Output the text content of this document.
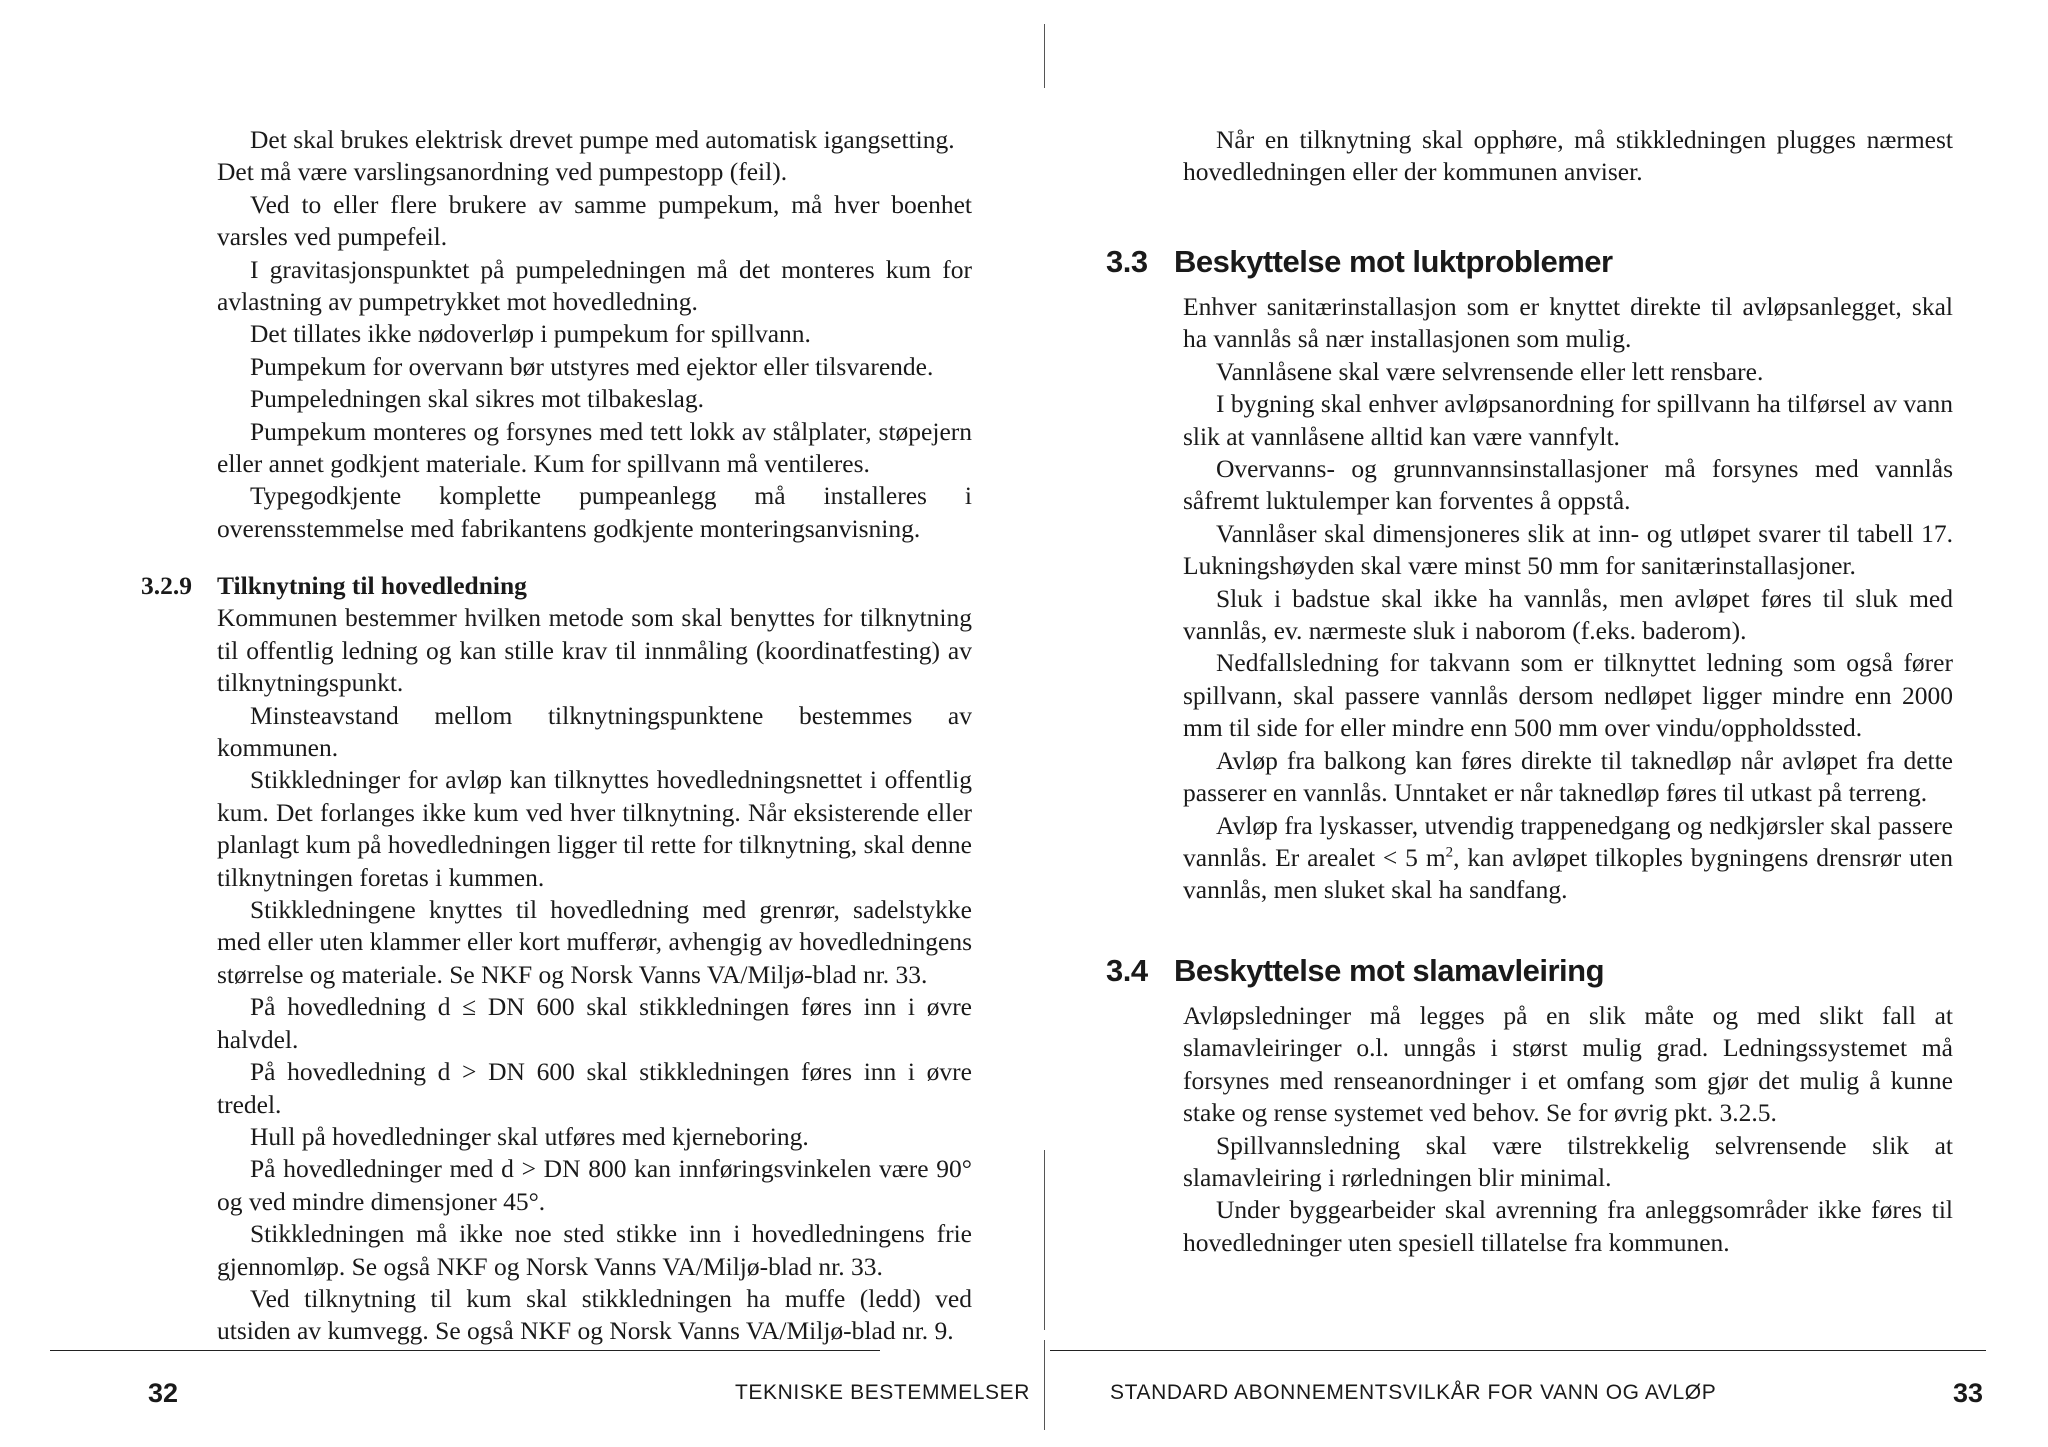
Det skal brukes elektrisk drevet pumpe med automatisk igangsetting.

Det må være varslingsanordning ved pumpestopp (feil).

Ved to eller flere brukere av samme pumpekum, må hver boenhet varsles ved pumpefeil.

I gravitasjonspunktet på pumpeledningen må det monteres kum for avlastning av pumpetrykket mot hovedledning.

Det tillates ikke nødoverløp i pumpekum for spillvann.

Pumpekum for overvann bør utstyres med ejektor eller tilsvarende.

Pumpeledningen skal sikres mot tilbakeslag.

Pumpekum monteres og forsynes med tett lokk av stålplater, støpejern eller annet godkjent materiale. Kum for spillvann må ventileres.

Typegodkjente komplette pumpeanlegg må installeres i overensstemmelse med fabrikantens godkjente monteringsanvisning.

3.2.9 Tilknytning til hovedledning

Kommunen bestemmer hvilken metode som skal benyttes for tilknytning til offentlig ledning og kan stille krav til innmåling (koordinatfesting) av tilknytningspunkt.

Minsteavstand mellom tilknytningspunktene bestemmes av kommunen.

Stikkledninger for avløp kan tilknyttes hovedledningsnettet i offentlig kum. Det forlanges ikke kum ved hver tilknytning. Når eksisterende eller planlagt kum på hovedledningen ligger til rette for tilknytning, skal denne tilknytningen foretas i kummen.

Stikkledningene knyttes til hovedledning med grenrør, sadelstykke med eller uten klammer eller kort mufferør, avhengig av hovedledningens størrelse og materiale. Se NKF og Norsk Vanns VA/Miljø-blad nr. 33.

På hovedledning d ≤ DN 600 skal stikkledningen føres inn i øvre halvdel.

På hovedledning d > DN 600 skal stikkledningen føres inn i øvre tredel.

Hull på hovedledninger skal utføres med kjerneboring.

På hovedledninger med d > DN 800 kan innføringsvinkelen være 90° og ved mindre dimensjoner 45°.

Stikkledningen må ikke noe sted stikke inn i hovedledningens frie gjennomløp. Se også NKF og Norsk Vanns VA/Miljø-blad nr. 33.

Ved tilknytning til kum skal stikkledningen ha muffe (ledd) ved utsiden av kumvegg. Se også NKF og Norsk Vanns VA/Miljø-blad nr. 9.

32	TEKNISKE BESTEMMELSER

Når en tilknytning skal opphøre, må stikkledningen plugges nærmest hovedledningen eller der kommunen anviser.

3.3 Beskyttelse mot luktproblemer

Enhver sanitærinstallasjon som er knyttet direkte til avløpsanlegget, skal ha vannlås så nær installasjonen som mulig.

Vannlåsene skal være selvrensende eller lett rensbare.

I bygning skal enhver avløpsanordning for spillvann ha tilførsel av vann slik at vannlåsene alltid kan være vannfylt.

Overvanns- og grunnvannsinstallasjoner må forsynes med vannlås såfremt luktulemper kan forventes å oppstå.

Vannlåser skal dimensjoneres slik at inn- og utløpet svarer til tabell 17. Lukningshøyden skal være minst 50 mm for sanitærinstallasjoner.

Sluk i badstue skal ikke ha vannlås, men avløpet føres til sluk med vannlås, ev. nærmeste sluk i naborom (f.eks. baderom).

Nedfallsledning for takvann som er tilknyttet ledning som også fører spillvann, skal passere vannlås dersom nedløpet ligger mindre enn 2000 mm til side for eller mindre enn 500 mm over vindu/oppholdssted.

Avløp fra balkong kan føres direkte til taknedløp når avløpet fra dette passerer en vannlås. Unntaket er når taknedløp føres til utkast på terreng.

Avløp fra lyskasser, utvendig trappenedgang og nedkjørsler skal passere vannlås. Er arealet < 5 $m^2$, kan avløpet tilkoples bygningens drensrør uten vannlås, men sluket skal ha sandfang.

3.4 Beskyttelse mot slamavleiring

Avløpsledninger må legges på en slik måte og med slikt fall at slamavleiringer o.l. unngås i størst mulig grad. Ledningssystemet må forsynes med renseanordninger i et omfang som gjør det mulig å kunne stake og rense systemet ved behov. Se for øvrig pkt. 3.2.5.

Spillvannsledning skal være tilstrekkelig selvrensende slik at slamavleiring i rørledningen blir minimal.

Under byggearbeider skal avrenning fra anleggsområder ikke føres til hovedledninger uten spesiell tillatelse fra kommunen.

STANDARD ABONNEMENTSVILKÅR FOR VANN OG AVLØP	33
